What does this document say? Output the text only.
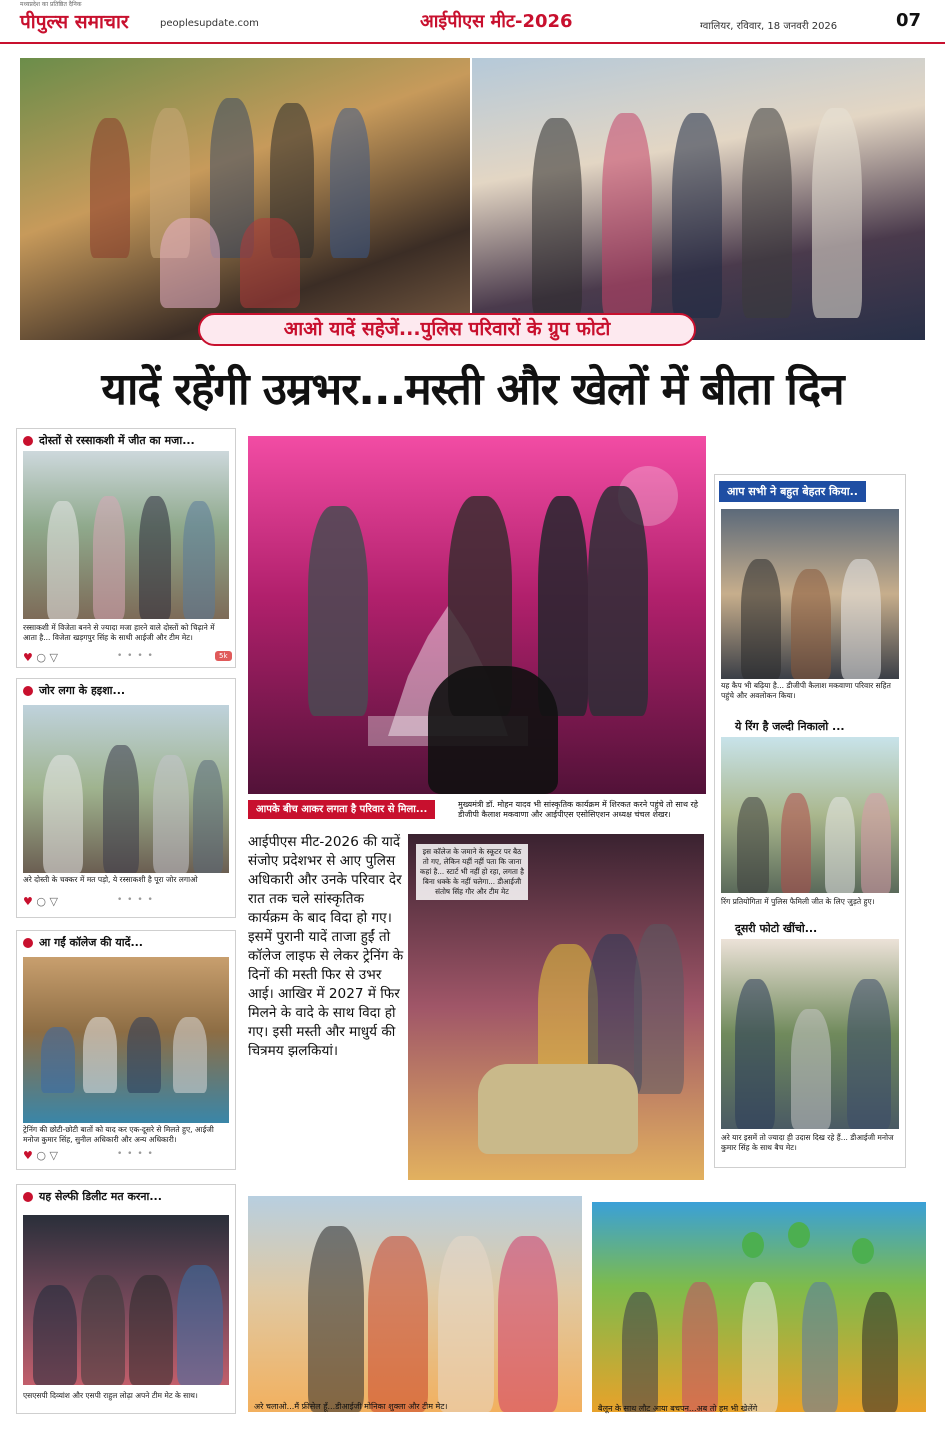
मध्यप्रदेश का प्रतिष्ठित दैनिक
पीपुल्स समाचार	peoplesupdate.com	आईपीएस मीट-2026	ग्वालियर, रविवार, 18 जनवरी 2026	07
आओ यादें सहेजें...पुलिस परिवारों के ग्रुप फोटो
यादें रहेंगी उम्रभर...मस्ती और खेलों में बीता दिन
दोस्तों से रस्साकशी में जीत का मजा...
रस्साकशी में विजेता बनने से ज्यादा मजा हारने वाले दोस्तों को चिढ़ाने में आता है... विजेता खड़गपुर सिंह के साथी आईजी और टीम मेट।
♥ ○ ▽	• • • •	5k
जोर लगा के हइशा...
अरे दोस्ती के चक्कर में मत पड़ो, ये रस्साकशी है पूरा जोर लगाओ
♥ ○ ▽	• • • •
आ गईं कॉलेज की यादें...
ट्रेनिंग की छोटी-छोटी बातों को याद कर एक-दूसरे से मिलते हुए, आईजी मनोज कुमार सिंह, सुनील अधिकारी और अन्य अधिकारी।
♥ ○ ▽	• • • •
यह सेल्फी डिलीट मत करना...
एसएसपी दिव्यांश और एसपी राहुल लोढ़ा अपने टीम मेट के साथ।
आपके बीच आकर लगता है परिवार से मिला...	मुख्यमंत्री डॉ. मोहन यादव भी सांस्कृतिक कार्यक्रम में शिरकत करने पहुंचे तो साथ रहे डीजीपी कैलाश मकवाणा और आईपीएस एसोसिएशन अध्यक्ष चंचल शेखर।
आईपीएस मीट-2026 की यादें संजोए प्रदेशभर से आए पुलिस अधिकारी और उनके परिवार देर रात तक चले सांस्कृतिक कार्यक्रम के बाद विदा हो गए। इसमें पुरानी यादें ताजा हुईं तो कॉलेज लाइफ से लेकर ट्रेनिंग के दिनों की मस्ती फिर से उभर आई। आखिर में 2027 में फिर मिलने के वादे के साथ विदा हो गए। इसी मस्ती और माधुर्य की चित्रमय झलकियां।
इस कॉलेज के जमाने के स्कूटर पर बैठ तो गए, लेकिन यहीं नहीं पता कि जाना कहां है... स्टार्ट भी नहीं हो रहा, लगता है बिना धक्के के नहीं चलेगा... डीआईजी संतोष सिंह गौर और टीम मेट
आप सभी ने बहुत बेहतर किया..
यह कैप भी बढ़िया है... डीजीपी कैलाश मकवाणा परिवार सहित पहुंचे और अवलोकन किया।
ये रिंग है जल्दी निकालो ...
रिंग प्रतियोगिता में पुलिस फैमिली जीत के लिए जुड़ते हुए।
दूसरी फोटो खींचो...
अरे यार इसमें तो ज्यादा ही उदास दिख रहे हैं... डीआईजी मनोज कुमार सिंह के साथ बैच मेट।
अरे चलाओ...मैं फ्रीसेल हूँ...डीआईजी मोनिका शुक्ला और टीम मेट।	बैलून के साथ लौट आया बचपन...अब तो हम भी खेलेंगे
